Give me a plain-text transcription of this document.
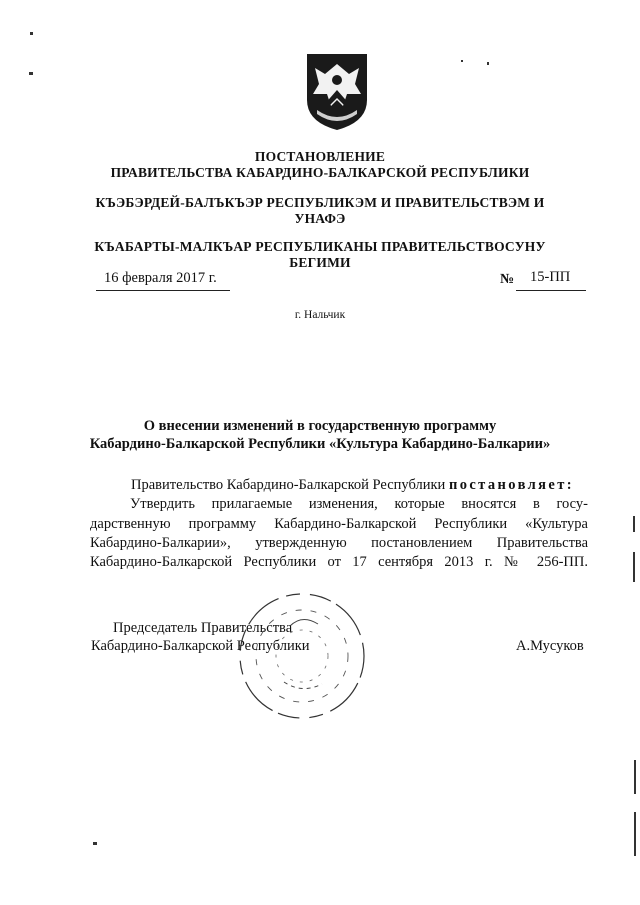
ПОСТАНОВЛЕНИЕ
ПРАВИТЕЛЬСТВА КАБАРДИНО-БАЛКАРСКОЙ РЕСПУБЛИКИ
КЪЭБЭРДЕЙ-БАЛЪКЪЭР РЕСПУБЛИКЭМ И ПРАВИТЕЛЬСТВЭМ И
УНАФЭ
КЪАБАРТЫ-МАЛКЪАР РЕСПУБЛИКАНЫ ПРАВИТЕЛЬСТВОСУНУ
БЕГИМИ
16 февраля 2017 г.	№ 15-ПП
г. Нальчик
О внесении изменений в государственную программу
Кабардино-Балкарской Республики «Культура Кабардино-Балкарии»
Правительство Кабардино-Балкарской Республики постановляет:
Утвердить прилагаемые изменения, которые вносятся в госу-
дарственную программу Кабардино-Балкарской Республики «Культура
Кабардино-Балкарии», утвержденную постановлением Правительства
Кабардино-Балкарской Республики от 17 сентября 2013 г. № 256-ПП.
Председатель Правительства
Кабардино-Балкарской Республики	А.Мусуков
